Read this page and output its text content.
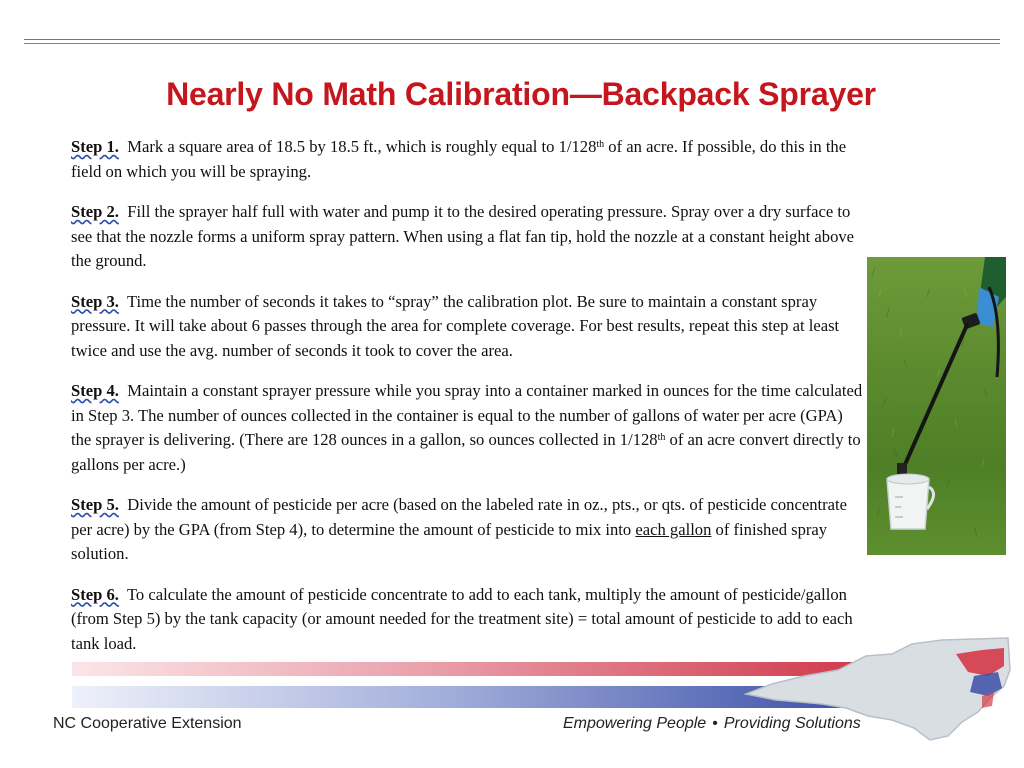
Nearly No Math Calibration—Backpack Sprayer

Step 1. Mark a square area of 18.5 by 18.5 ft., which is roughly equal to 1/128th of an acre. If possible, do this in the field on which you will be spraying.

Step 2. Fill the sprayer half full with water and pump it to the desired operating pressure. Spray over a dry surface to see that the nozzle forms a uniform spray pattern. When using a flat fan tip, hold the nozzle at a constant height above the ground.

Step 3. Time the number of seconds it takes to “spray” the calibration plot. Be sure to maintain a constant spray pressure. It will take about 6 passes through the area for complete coverage. For best results, repeat this step at least twice and use the avg. number of seconds it took to cover the area.

Step 4. Maintain a constant sprayer pressure while you spray into a container marked in ounces for the time calculated in Step 3. The number of ounces collected in the container is equal to the number of gallons of water per acre (GPA) the sprayer is delivering. (There are 128 ounces in a gallon, so ounces collected in 1/128th of an acre convert directly to gallons per acre.)

Step 5. Divide the amount of pesticide per acre (based on the labeled rate in oz., pts., or qts. of pesticide concentrate per acre) by the GPA (from Step 4), to determine the amount of pesticide to mix into each gallon of finished spray solution.

Step 6. To calculate the amount of pesticide concentrate to add to each tank, multiply the amount of pesticide/gallon (from Step 5) by the tank capacity (or amount needed for the treatment site) = total amount of pesticide to add to each tank load.

NC Cooperative Extension	Empowering People • Providing Solutions
